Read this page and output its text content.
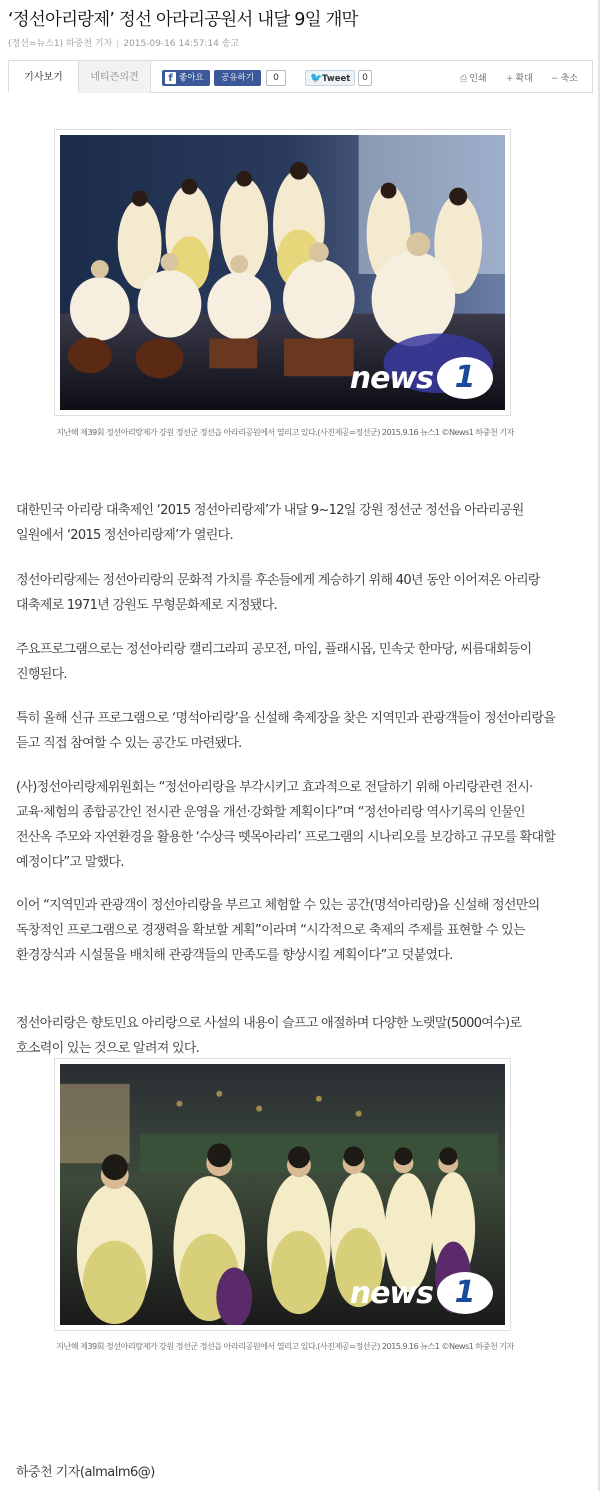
‘정선아리랑제’ 정선 아라리공원서 내달 9일 개막
(정선=뉴스1) 하중천 기자 | 2015-09-16 14:57:14 송고
기사보기	네티즌의견	f 좋아요	공유하기	0	🐦 Tweet	0	⎙ 인쇄 + 확대 − 축소
news 1
지난해 제39회 정선아리랑제가 강원 정선군 정선읍 아라리공원에서 열리고 있다.(사진제공=정선군) 2015.9.16 뉴스1 ©News1 하중천 기자
대한민국 아리랑 대축제인 ‘2015 정선아리랑제’가 내달 9~12일 강원 정선군 정선읍 아라리공원 일원에서 ‘2015 정선아리랑제’가 열린다.
정선아리랑제는 정선아리랑의 문화적 가치를 후손들에게 계승하기 위해 40년 동안 이어져온 아리랑 대축제로 1971년 강원도 무형문화제로 지정됐다.
주요프로그램으로는 정선아리랑 캘리그라피 공모전, 마임, 플래시몹, 민속굿 한마당, 씨름대회등이 진행된다.
특히 올해 신규 프로그램으로 ‘명석아리랑’을 신설해 축제장을 찾은 지역민과 관광객들이 정선아리랑을 듣고 직접 참여할 수 있는 공간도 마련됐다.
(사)정선아리랑제위원회는 “정선아리랑을 부각시키고 효과적으로 전달하기 위해 아리랑관련 전시·교육·체험의 종합공간인 전시관 운영을 개선·강화할 계획이다”며 “정선아리랑 역사기록의 인물인 전산옥 주모와 자연환경을 활용한 ‘수상극 뗏목아라리’ 프로그램의 시나리오를 보강하고 규모를 확대할 예정이다”고 말했다.
이어 “지역민과 관광객이 정선아리랑을 부르고 체험할 수 있는 공간(명석아리랑)을 신설해 정선만의 독창적인 프로그램으로 경쟁력을 확보할 계획”이라며 “시각적으로 축제의 주제를 표현할 수 있는 환경장식과 시설물을 배치해 관광객들의 만족도를 향상시킬 계획이다”고 덧붙였다.
정선아리랑은 향토민요 아리랑으로 사설의 내용이 슬프고 애절하며 다양한 노랫말(5000여수)로 호소력이 있는 것으로 알려져 있다.
news 1
지난해 제39회 정선아리랑제가 강원 정선군 정선읍 아라리공원에서 열리고 있다.(사진제공=정선군) 2015.9.16 뉴스1 ©News1 하중천 기자
하중천 기자(almalm6@)
